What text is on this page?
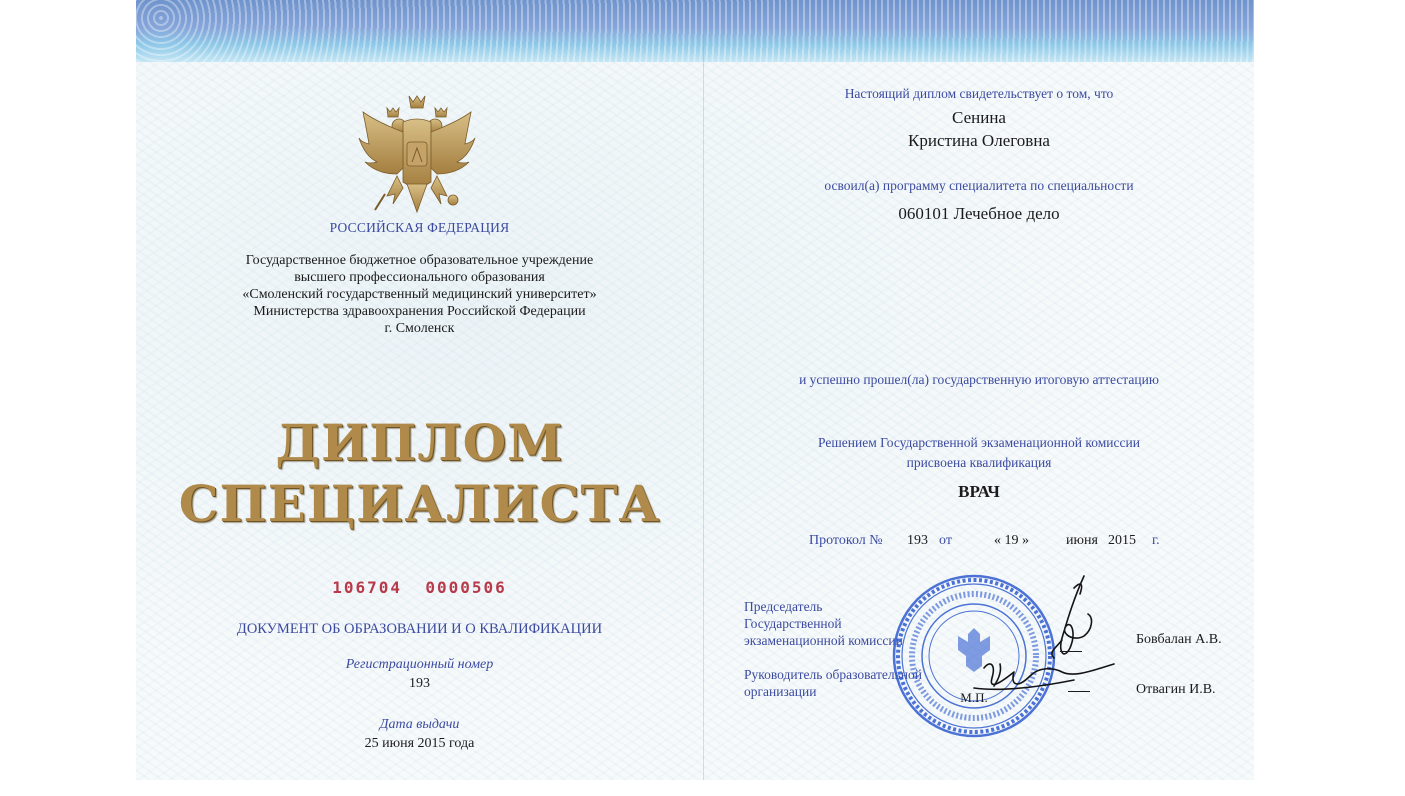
РОССИЙСКАЯ ФЕДЕРАЦИЯ
Государственное бюджетное образовательное учреждение
высшего профессионального образования
«Смоленский государственный медицинский университет»
Министерства здравоохранения Российской Федерации
г. Смоленск
ДИПЛОМ
СПЕЦИАЛИСТА
106704  0000506
ДОКУМЕНТ ОБ ОБРАЗОВАНИИ И О КВАЛИФИКАЦИИ
Регистрационный номер
193
Дата выдачи
25 июня 2015 года
Настоящий диплом свидетельствует о том, что
Сенина
Кристина Олеговна
освоил(а) программу специалитета по специальности
060101 Лечебное дело
и успешно прошел(ла) государственную итоговую аттестацию
Решением Государственной экзаменационной комиссии
присвоена квалификация
ВРАЧ
Протокол № 193 от	« 19 »	июня 2015 г.
Председатель
Государственной
экзаменационной комиссии
Руководитель образовательной
организации	М.П.
Бовбалан А.В.
Отвагин И.В.
